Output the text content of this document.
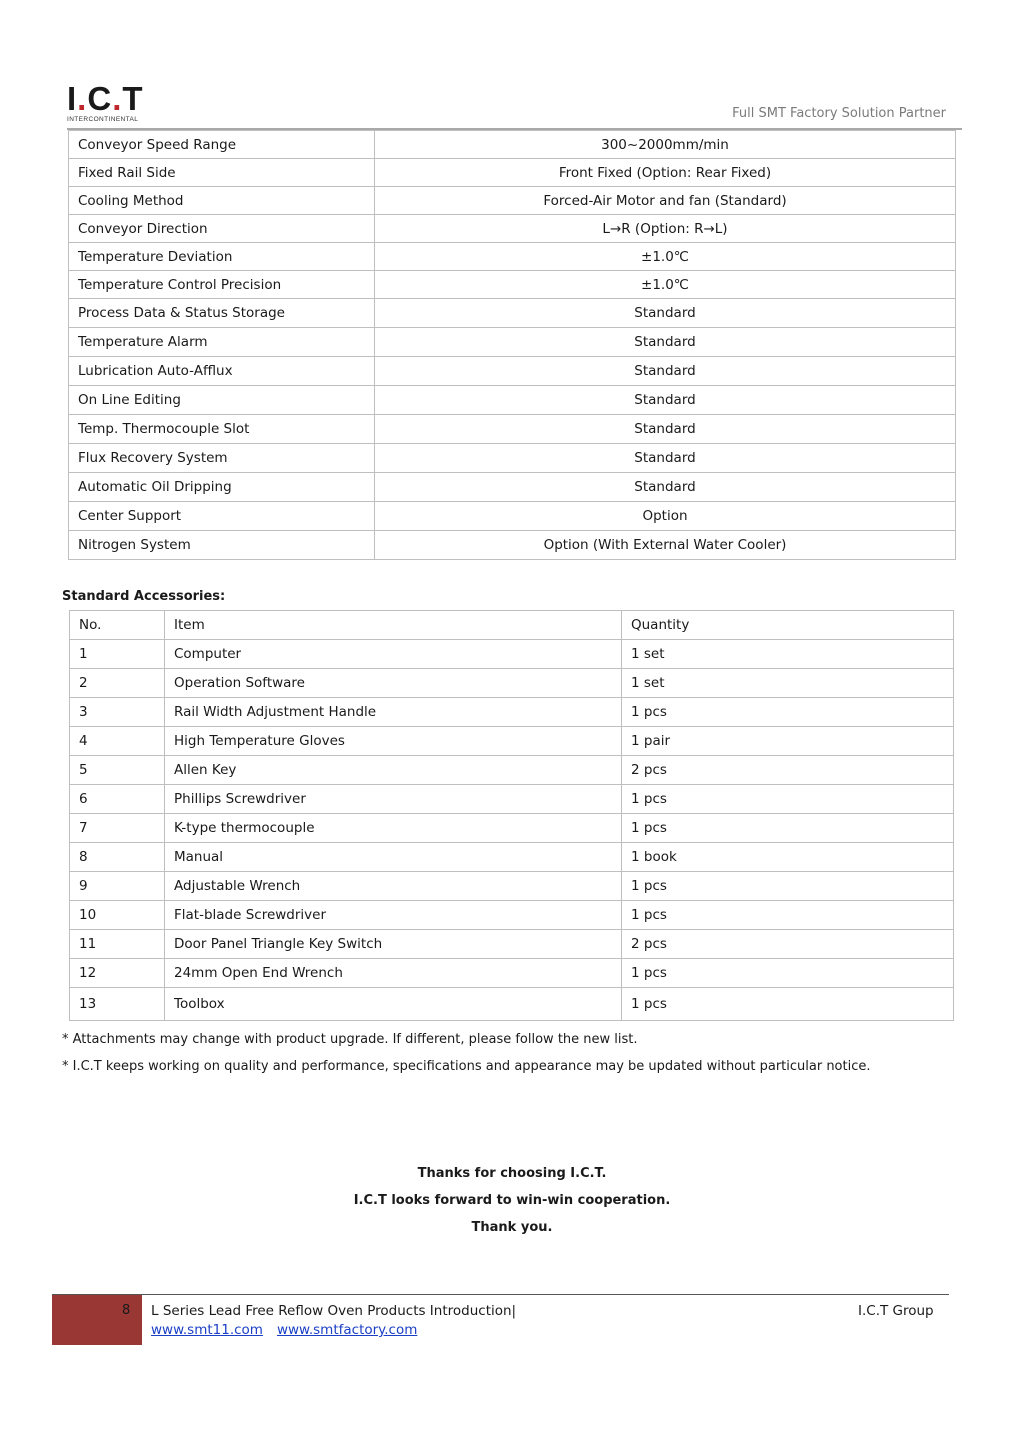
I.C.T
INTERCONTINENTAL	Full SMT Factory Solution Partner
Conveyor Speed Range	300~2000mm/min
Fixed Rail Side	Front Fixed (Option: Rear Fixed)
Cooling Method	Forced-Air Motor and fan (Standard)
Conveyor Direction	L→R (Option: R→L)
Temperature Deviation	±1.0℃
Temperature Control Precision	±1.0℃
Process Data & Status Storage	Standard
Temperature Alarm	Standard
Lubrication Auto-Afflux	Standard
On Line Editing	Standard
Temp. Thermocouple Slot	Standard
Flux Recovery System	Standard
Automatic Oil Dripping	Standard
Center Support	Option
Nitrogen System	Option (With External Water Cooler)
Standard Accessories:
No.	Item	Quantity
1	Computer	1 set
2	Operation Software	1 set
3	Rail Width Adjustment Handle	1 pcs
4	High Temperature Gloves	1 pair
5	Allen Key	2 pcs
6	Phillips Screwdriver	1 pcs
7	K-type thermocouple	1 pcs
8	Manual	1 book
9	Adjustable Wrench	1 pcs
10	Flat-blade Screwdriver	1 pcs
11	Door Panel Triangle Key Switch	2 pcs
12	24mm Open End Wrench	1 pcs
13	Toolbox	1 pcs
* Attachments may change with product upgrade. If different, please follow the new list.
* I.C.T keeps working on quality and performance, specifications and appearance may be updated without particular notice.
Thanks for choosing I.C.T.
I.C.T looks forward to win-win cooperation.
Thank you.
8 L Series Lead Free Reflow Oven Products Introduction|	I.C.T Group
www.smt11.com www.smtfactory.com
